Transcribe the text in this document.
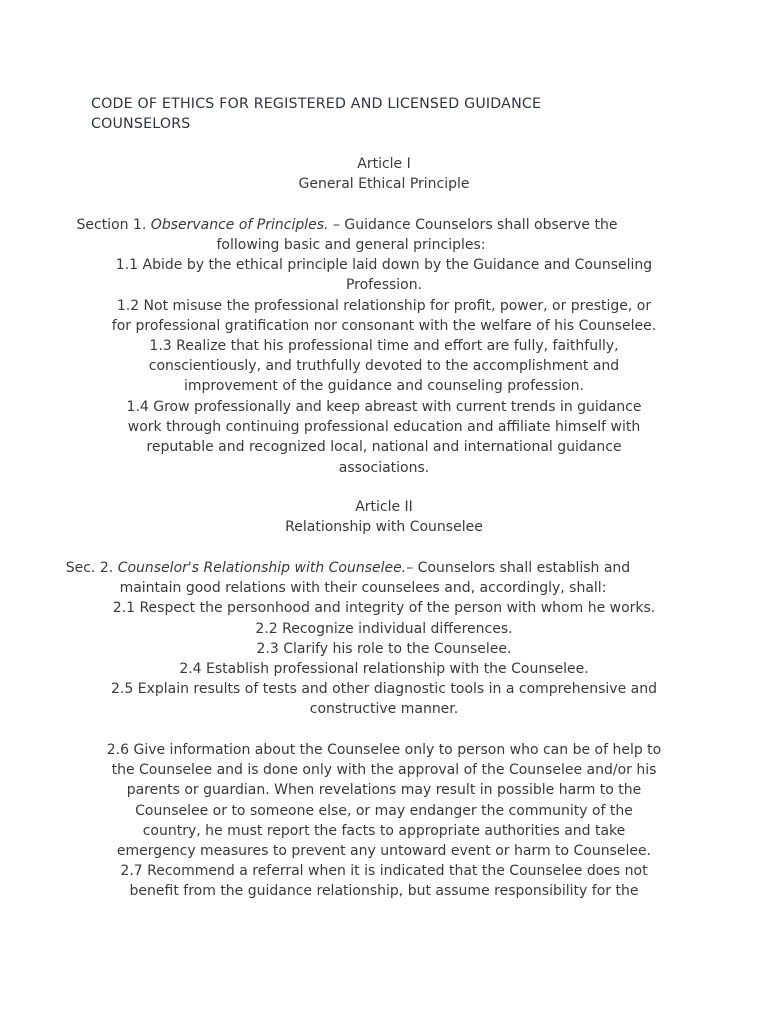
CODE OF ETHICS FOR REGISTERED AND LICENSED GUIDANCE
COUNSELORS
Article I
General Ethical Principle
Section 1. Observance of Principles. – Guidance Counselors shall observe the
following basic and general principles:
1.1 Abide by the ethical principle laid down by the Guidance and Counseling
Profession.
1.2 Not misuse the professional relationship for profit, power, or prestige, or
for professional gratification nor consonant with the welfare of his Counselee.
1.3 Realize that his professional time and effort are fully, faithfully,
conscientiously, and truthfully devoted to the accomplishment and
improvement of the guidance and counseling profession.
1.4 Grow professionally and keep abreast with current trends in guidance
work through continuing professional education and affiliate himself with
reputable and recognized local, national and international guidance
associations.
Article II
Relationship with Counselee
Sec. 2. Counselor's Relationship with Counselee.– Counselors shall establish and
maintain good relations with their counselees and, accordingly, shall:
2.1 Respect the personhood and integrity of the person with whom he works.
2.2 Recognize individual differences.
2.3 Clarify his role to the Counselee.
2.4 Establish professional relationship with the Counselee.
2.5 Explain results of tests and other diagnostic tools in a comprehensive and
constructive manner.
2.6 Give information about the Counselee only to person who can be of help to
the Counselee and is done only with the approval of the Counselee and/or his
parents or guardian. When revelations may result in possible harm to the
Counselee or to someone else, or may endanger the community of the
country, he must report the facts to appropriate authorities and take
emergency measures to prevent any untoward event or harm to Counselee.
2.7 Recommend a referral when it is indicated that the Counselee does not
benefit from the guidance relationship, but assume responsibility for the
